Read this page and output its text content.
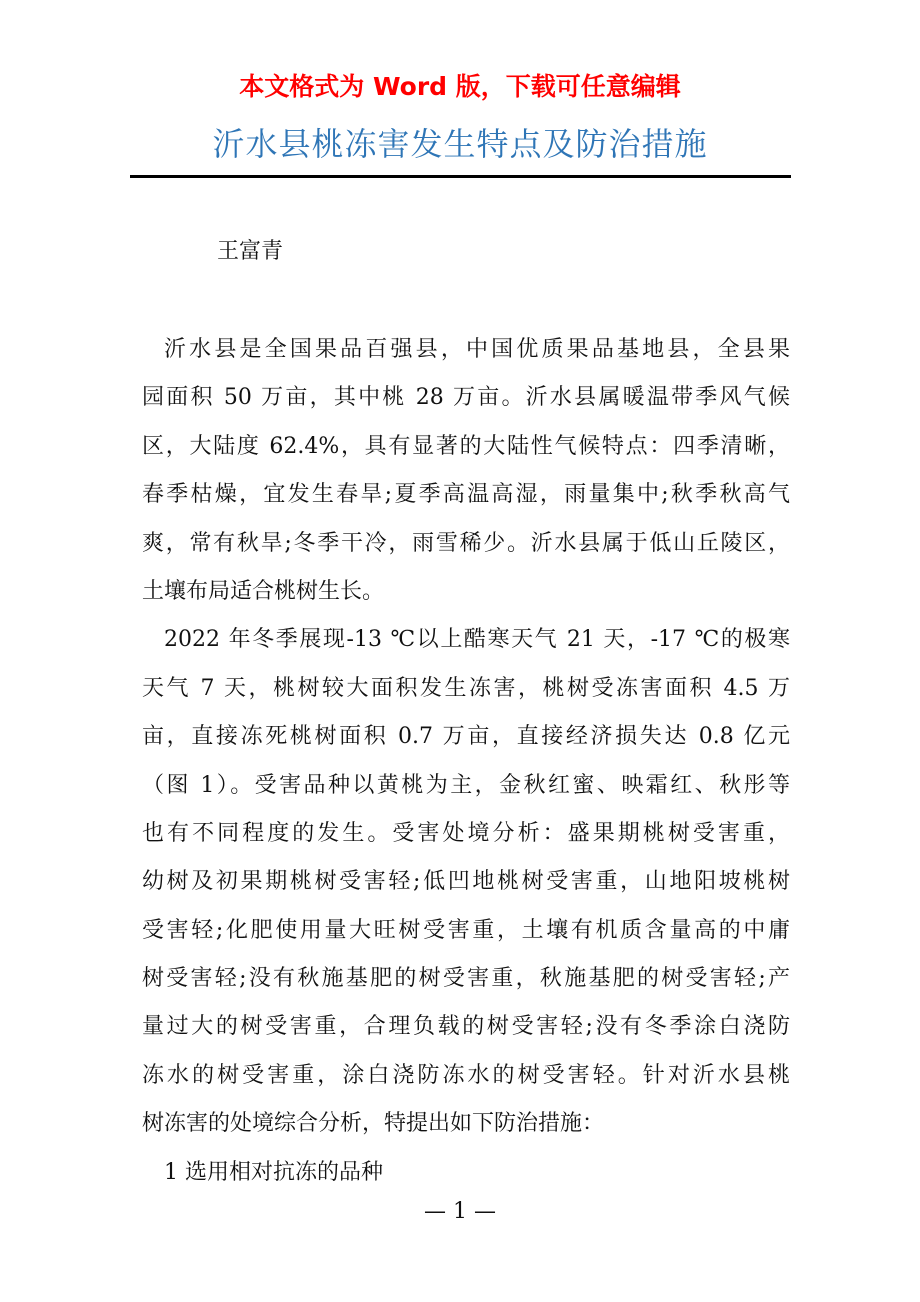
本文格式为 Word 版，下载可任意编辑
沂水县桃冻害发生特点及防治措施
王富青
沂水县是全国果品百强县，中国优质果品基地县，全县果
园面积 50 万亩，其中桃 28 万亩。沂水县属暖温带季风气候
区，大陆度 62.4%，具有显著的大陆性气候特点：四季清晰，
春季枯燥，宜发生春旱;夏季高温高湿，雨量集中;秋季秋高气
爽，常有秋旱;冬季干冷，雨雪稀少。沂水县属于低山丘陵区，
土壤布局适合桃树生长。
2022 年冬季展现-13 ℃以上酷寒天气 21 天，-17 ℃的极寒
天气 7 天，桃树较大面积发生冻害，桃树受冻害面积 4.5 万
亩，直接冻死桃树面积 0.7 万亩，直接经济损失达 0.8 亿元
（图 1）。受害品种以黄桃为主，金秋红蜜、映霜红、秋彤等
也有不同程度的发生。受害处境分析：盛果期桃树受害重，
幼树及初果期桃树受害轻;低凹地桃树受害重，山地阳坡桃树
受害轻;化肥使用量大旺树受害重，土壤有机质含量高的中庸
树受害轻;没有秋施基肥的树受害重，秋施基肥的树受害轻;产
量过大的树受害重，合理负载的树受害轻;没有冬季涂白浇防
冻水的树受害重，涂白浇防冻水的树受害轻。针对沂水县桃
树冻害的处境综合分析，特提出如下防治措施：
1 选用相对抗冻的品种
— 1 —
